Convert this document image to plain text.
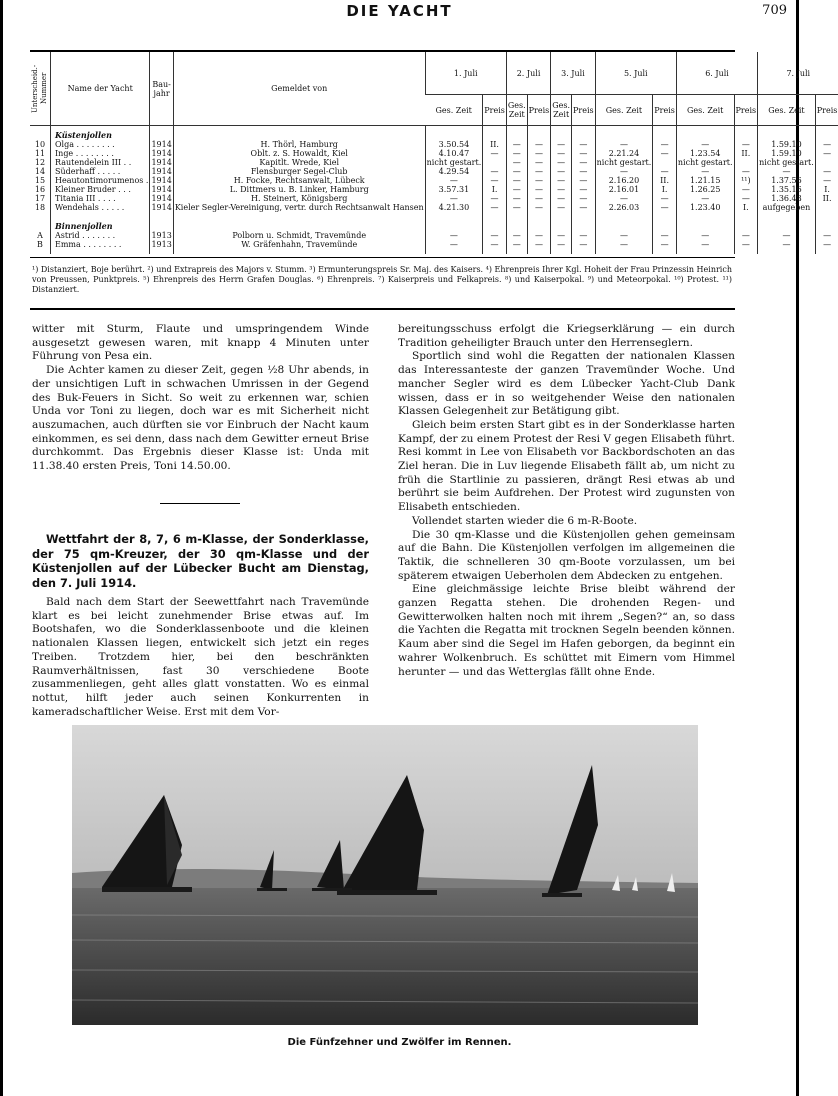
DIE YACHT	709
Unterscheid.-Nummer	Name der Yacht	Bau-jahr	Gemeldet von	1. Juli		2. Juli		3. Juli		5. Juli		6. Juli		7. Juli	
				Ges. Zeit	Preis	Ges. Zeit	Preis	Ges. Zeit	Preis	Ges. Zeit	Preis	Ges. Zeit	Preis	Ges. Zeit	Preis
	Küstenjollen														
10	Olga . . . . . . . .	1914	H. Thörl, Hamburg	3.50.54	II.	—	—	—	—	—	—	—	—	1.59.10	—
11	Inge . . . . . . . .	1914	Oblt. z. S. Howaldt, Kiel	4.10.47	—	—	—	—	—	2.21.24	—	1.23.54	II.	1.59.10	—
12	Rautendelein III . .	1914	Kapitlt. Wrede, Kiel	nicht gestart.		—	—	—	—	nicht gestart.		nicht gestart.		nicht gestart.	
14	Süderhaff . . . . .	1914	Flensburger Segel-Club	4.29.54	—	—	—	—	—	—	—	—	—	—	—
15	Heautontimorumenos .	1914	H. Focke, Rechtsanwalt, Lübeck	—	—	—	—	—	—	2.16.20	II.	1.21.15	¹¹)	1.37.56	—
16	Kleiner Bruder . . .	1914	L. Dittmers u. B. Linker, Hamburg	3.57.31	I.	—	—	—	—	2.16.01	I.	1.26.25	—	1.35.16	I.
17	Titania III . . . .	1914	H. Steinert, Königsberg	—	—	—	—	—	—	—	—	—	—	1.36.48	II.
18	Wendehals . . . . .	1914	Kieler Segler-Vereinigung, vertr. durch Rechtsanwalt Hansen	4.21.30	—	—	—	—	—	2.26.03	—	1.23.40	I.	aufgegeben	
	Binnenjollen														
A	Astrid . . . . . . .	1913	Polborn u. Schmidt, Travemünde	—	—	—	—	—	—	—	—	—	—	—	—
B	Emma . . . . . . . .	1913	W. Gräfenhahn, Travemünde	—	—	—	—	—	—	—	—	—	—	—	—
¹) Distanziert, Boje berührt. ²) und Extrapreis des Majors v. Stumm. ³) Ermunterungspreis Sr. Maj. des Kaisers. ⁴) Ehrenpreis Ihrer Kgl. Hoheit der Frau Prinzessin Heinrich von Preussen, Punktpreis. ⁵) Ehrenpreis des Herrn Grafen Douglas. ⁶) Ehrenpreis. ⁷) Kaiserpreis und Felkapreis. ⁸) und Kaiserpokal. ⁹) und Meteorpokal. ¹⁰) Protest. ¹¹) Distanziert.

witter mit Sturm, Flaute und umspringendem Winde ausgesetzt gewesen waren, mit knapp 4 Minuten unter Führung von Pesa ein.

Die Achter kamen zu dieser Zeit, gegen ½8 Uhr abends, in der unsichtigen Luft in schwachen Umrissen in der Gegend des Buk-Feuers in Sicht. So weit zu erkennen war, schien Unda vor Toni zu liegen, doch war es mit Sicherheit nicht auszumachen, auch dürften sie vor Einbruch der Nacht kaum einkommen, es sei denn, dass nach dem Gewitter erneut Brise durchkommt. Das Ergebnis dieser Klasse ist: Unda mit 11.38.40 ersten Preis, Toni 14.50.00.

Wettfahrt der 8, 7, 6 m-Klasse, der Sonderklasse, der 75 qm-Kreuzer, der 30 qm-Klasse und der Küstenjollen auf der Lübecker Bucht am Dienstag, den 7. Juli 1914.

Bald nach dem Start der Seewettfahrt nach Travemünde klart es bei leicht zunehmender Brise etwas auf. Im Bootshafen, wo die Sonderklassenboote und die kleinen nationalen Klassen liegen, entwickelt sich jetzt ein reges Treiben. Trotzdem hier, bei den beschränkten Raumverhältnissen, fast 30 verschiedene Boote zusammenliegen, geht alles glatt vonstatten. Wo es einmal nottut, hilft jeder auch seinen Konkurrenten in kameradschaftlicher Weise. Erst mit dem Vor-

bereitungsschuss erfolgt die Kriegserklärung — ein durch Tradition geheiligter Brauch unter den Herrenseglern.

Sportlich sind wohl die Regatten der nationalen Klassen das Interessanteste der ganzen Travemünder Woche. Und mancher Segler wird es dem Lübecker Yacht-Club Dank wissen, dass er in so weitgehender Weise den nationalen Klassen Gelegenheit zur Betätigung gibt.

Gleich beim ersten Start gibt es in der Sonderklasse harten Kampf, der zu einem Protest der Resi V gegen Elisabeth führt. Resi kommt in Lee von Elisabeth vor Backbordschoten an das Ziel heran. Die in Luv liegende Elisabeth fällt ab, um nicht zu früh die Startlinie zu passieren, drängt Resi etwas ab und berührt sie beim Aufdrehen. Der Protest wird zugunsten von Elisabeth entschieden.

Vollendet starten wieder die 6 m-R-Boote.

Die 30 qm-Klasse und die Küstenjollen gehen gemeinsam auf die Bahn. Die Küstenjollen verfolgen im allgemeinen die Taktik, die schnelleren 30 qm-Boote vorzulassen, um bei späterem etwaigen Ueberholen dem Abdecken zu entgehen.

Eine gleichmässige leichte Brise bleibt während der ganzen Regatta stehen. Die drohenden Regen- und Gewitterwolken halten noch mit ihrem „Segen?“ an, so dass die Yachten die Regatta mit trocknen Segeln beenden können. Kaum aber sind die Segel im Hafen geborgen, da beginnt ein wahrer Wolkenbruch. Es schüttet mit Eimern vom Himmel herunter — und das Wetterglas fällt ohne Ende.

Die Fünfzehner und Zwölfer im Rennen.
